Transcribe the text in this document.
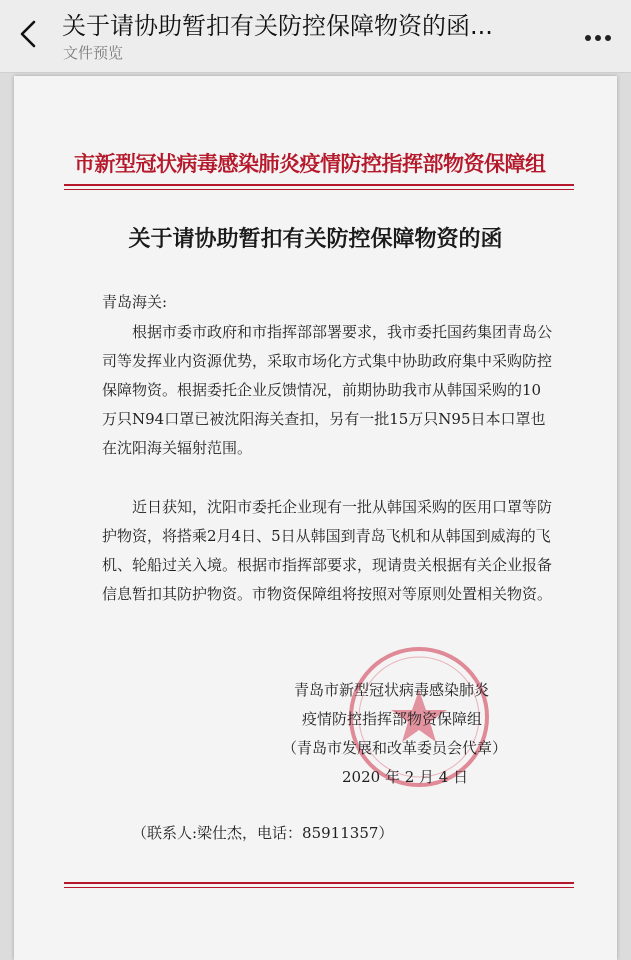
关于请协助暂扣有关防控保障物资的函...
文件预览
市新型冠状病毒感染肺炎疫情防控指挥部物资保障组
关于请协助暂扣有关防控保障物资的函
青岛海关:
根据市委市政府和市指挥部部署要求，我市委托国药集团青岛公司等发挥业内资源优势，采取市场化方式集中协助政府集中采购防控保障物资。根据委托企业反馈情况，前期协助我市从韩国采购的10万只N94口罩已被沈阳海关查扣，另有一批15万只N95日本口罩也在沈阳海关辐射范围。
近日获知，沈阳市委托企业现有一批从韩国采购的医用口罩等防护物资，将搭乘2月4日、5日从韩国到青岛飞机和从韩国到威海的飞机、轮船过关入境。根据市指挥部要求，现请贵关根据有关企业报备信息暂扣其防护物资。市物资保障组将按照对等原则处置相关物资。
青岛市新型冠状病毒感染肺炎
疫情防控指挥部物资保障组
（青岛市发展和改革委员会代章）
2020 年 2 月 4 日
（联系人:梁仕杰，电话：85911357）
